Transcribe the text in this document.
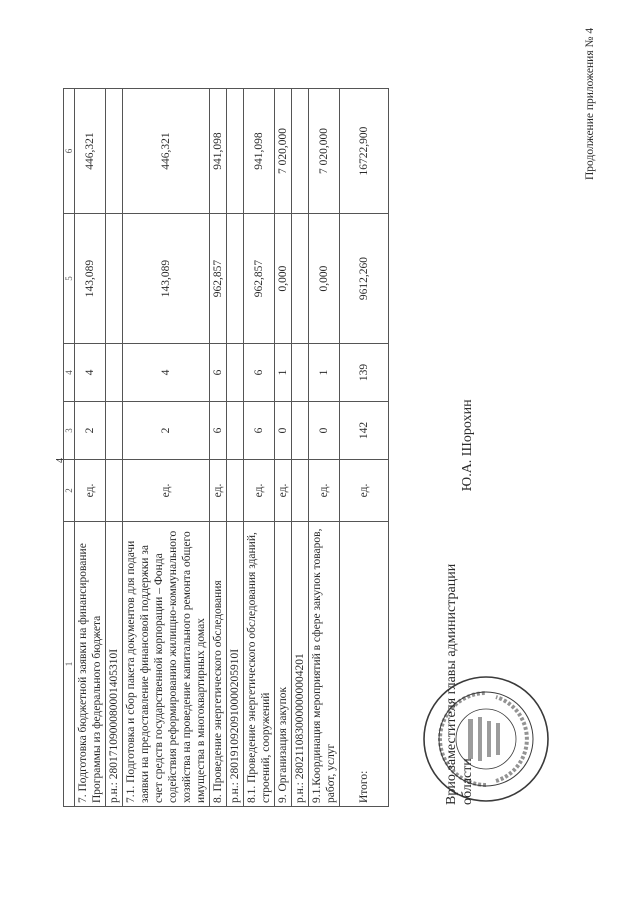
Продолжение приложения № 4
4
1	2	3	4	5	6
7. Подготовка бюджетной заявки на финансирование Программы из федерального бюджета	ед.	2	4	143,089	446,321
р.н.: 2801710900080001405310I					
7.1. Подготовка и сбор пакета документов для подачи заявки на предоставление финансовой поддержки за счет средств государственной корпорации – Фонда содействия реформированию жилищно-коммунального хозяйства на проведение капитального ремонта общего имущества в многоквартирных домах	ед.	2	4	143,089	446,321
8. Проведение энергетического обследования	ед.	6	6	962,857	941,098
р.н.: 2801910920910000205910I					
8.1. Проведение энергетического обследования зданий, строений, сооружений	ед.	6	6	962,857	941,098
9. Организация закупок	ед.	0	1	0,000	7 020,000
р.н.: 2802110830000000004201					
9.1.Координация мероприятий в сфере закупок товаров, работ, услуг	ед.	0	1	0,000	7 020,000
Итого:	ед.	142	139	9612,260	16722,900
Врио заместителя главы администрации области  Ю.А. Шорохин
